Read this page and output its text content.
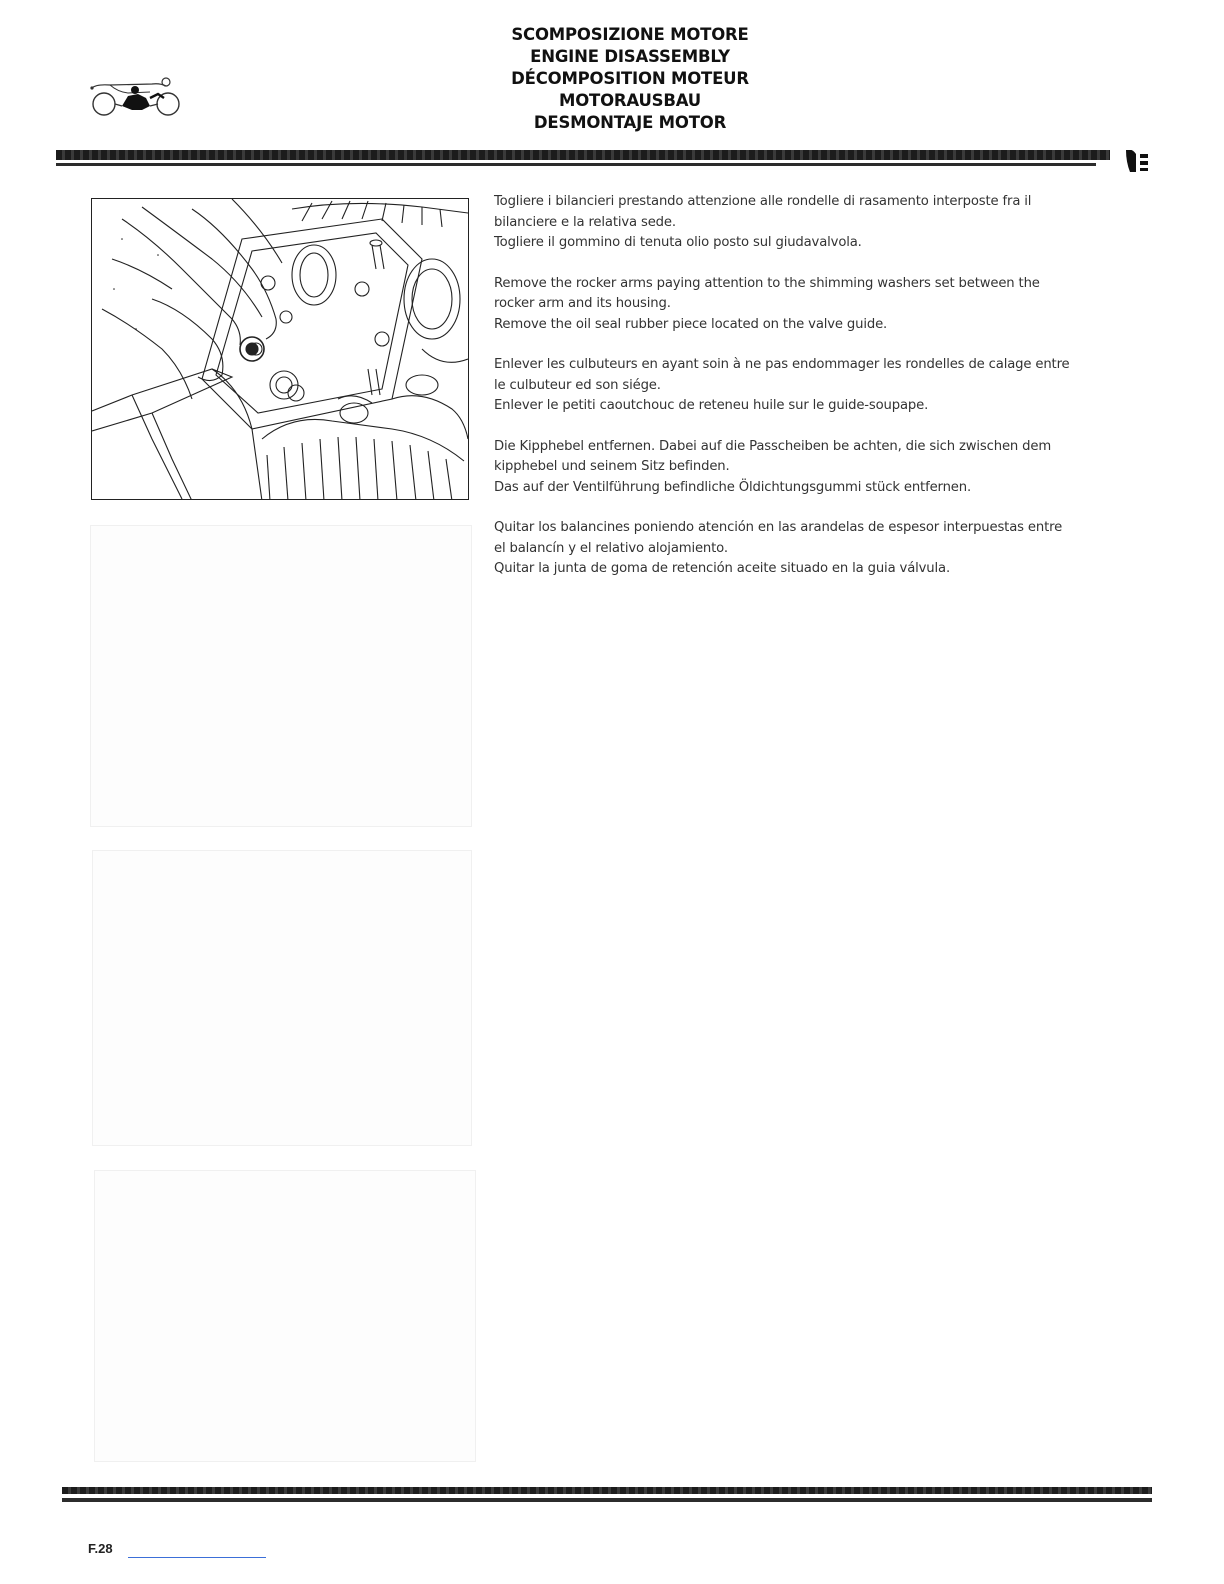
SCOMPOSIZIONE MOTORE
ENGINE DISASSEMBLY
DÉCOMPOSITION MOTEUR
MOTORAUSBAU
DESMONTAJE MOTOR

Togliere i bilancieri prestando attenzione alle rondelle di rasamento interposte fra il
bilanciere e la relativa sede.
Togliere il gommino di tenuta olio posto sul giudavalvola.

Remove the rocker arms paying attention to the shimming washers set between the
rocker arm and its housing.
Remove the oil seal rubber piece located on the valve guide.

Enlever les culbuteurs en ayant soin à ne pas endommager les rondelles de calage entre
le culbuteur ed son siége.
Enlever le petiti caoutchouc de reteneu huile sur le guide-soupape.

Die Kipphebel entfernen. Dabei auf die Passcheiben be achten, die sich zwischen dem
kipphebel und seinem Sitz befinden.
Das auf der Ventilführung befindliche Öldichtungsgummi stück entfernen.

Quitar los balancines poniendo atención en las arandelas de espesor interpuestas entre
el balancín y el relativo alojamiento.
Quitar la junta de goma de retención aceite situado en la guia válvula.

F.28
